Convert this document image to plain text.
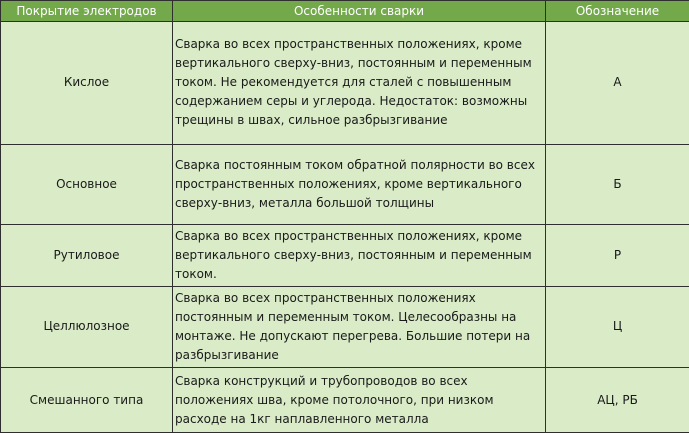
Покрытие электродов	Особенности сварки	Обозначение
Кислое	Сварка во всех пространственных положениях, кроме вертикального сверху-вниз, постоянным и переменным током. Не рекомендуется для сталей с повышенным содержанием серы и углерода. Недостаток: возможны трещины в швах, сильное разбрызгивание	А
Основное	Сварка постоянным током обратной полярности во всех пространственных положениях, кроме вертикального сверху-вниз, металла большой толщины	Б
Рутиловое	Сварка во всех пространственных положениях, кроме вертикального сверху-вниз, постоянным и переменным током.	Р
Целлюлозное	Сварка во всех пространственных положениях постоянным и переменным током. Целесообразны на монтаже. Не допускают перегрева. Большие потери на разбрызгивание	Ц
Смешанного типа	Сварка конструкций и трубопроводов во всех положениях шва, кроме потолочного, при низком расходе на 1кг наплавленного металла	АЦ, РБ
